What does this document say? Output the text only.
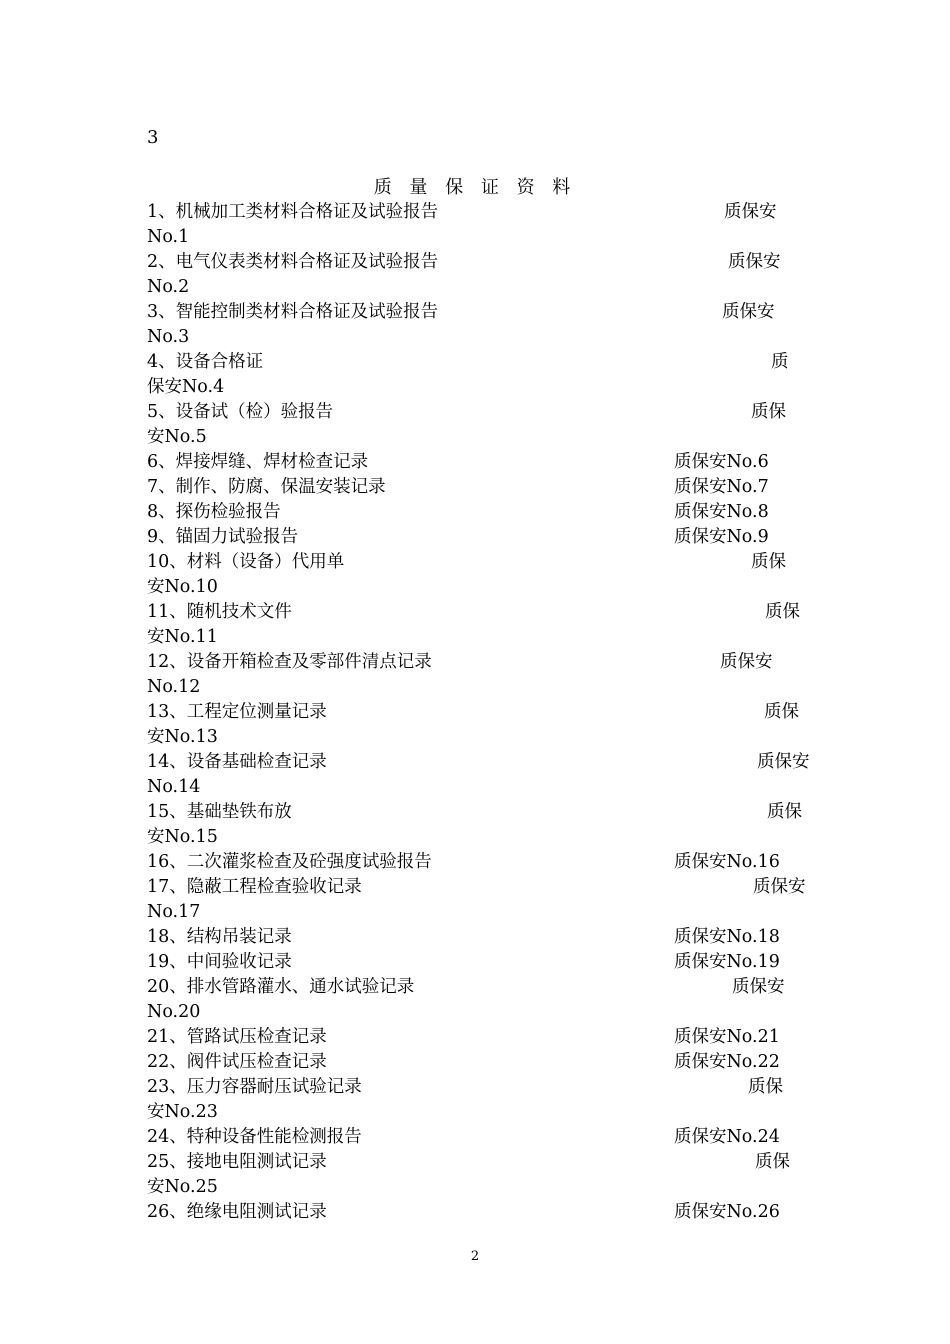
3
质 量 保 证 资 料
1、机械加工类材料合格证及试验报告	质保安
No.1
2、电气仪表类材料合格证及试验报告	质保安
No.2
3、智能控制类材料合格证及试验报告	质保安
No.3
4、设备合格证	质
保安No.4
5、设备试（检）验报告	质保
安No.5
6、焊接焊缝、焊材检查记录	质保安No.6
7、制作、防腐、保温安装记录	质保安No.7
8、探伤检验报告	质保安No.8
9、锚固力试验报告	质保安No.9
10、材料（设备）代用单	质保
安No.10
11、随机技术文件	质保
安No.11
12、设备开箱检查及零部件清点记录	质保安
No.12
13、工程定位测量记录	质保
安No.13
14、设备基础检查记录	质保安
No.14
15、基础垫铁布放	质保
安No.15
16、二次灌浆检查及砼强度试验报告	质保安No.16
17、隐蔽工程检查验收记录	质保安
No.17
18、结构吊装记录	质保安No.18
19、中间验收记录	质保安No.19
20、排水管路灌水、通水试验记录	质保安
No.20
21、管路试压检查记录	质保安No.21
22、阀件试压检查记录	质保安No.22
23、压力容器耐压试验记录	质保
安No.23
24、特种设备性能检测报告	质保安No.24
25、接地电阻测试记录	质保
安No.25
26、绝缘电阻测试记录	质保安No.26
2
